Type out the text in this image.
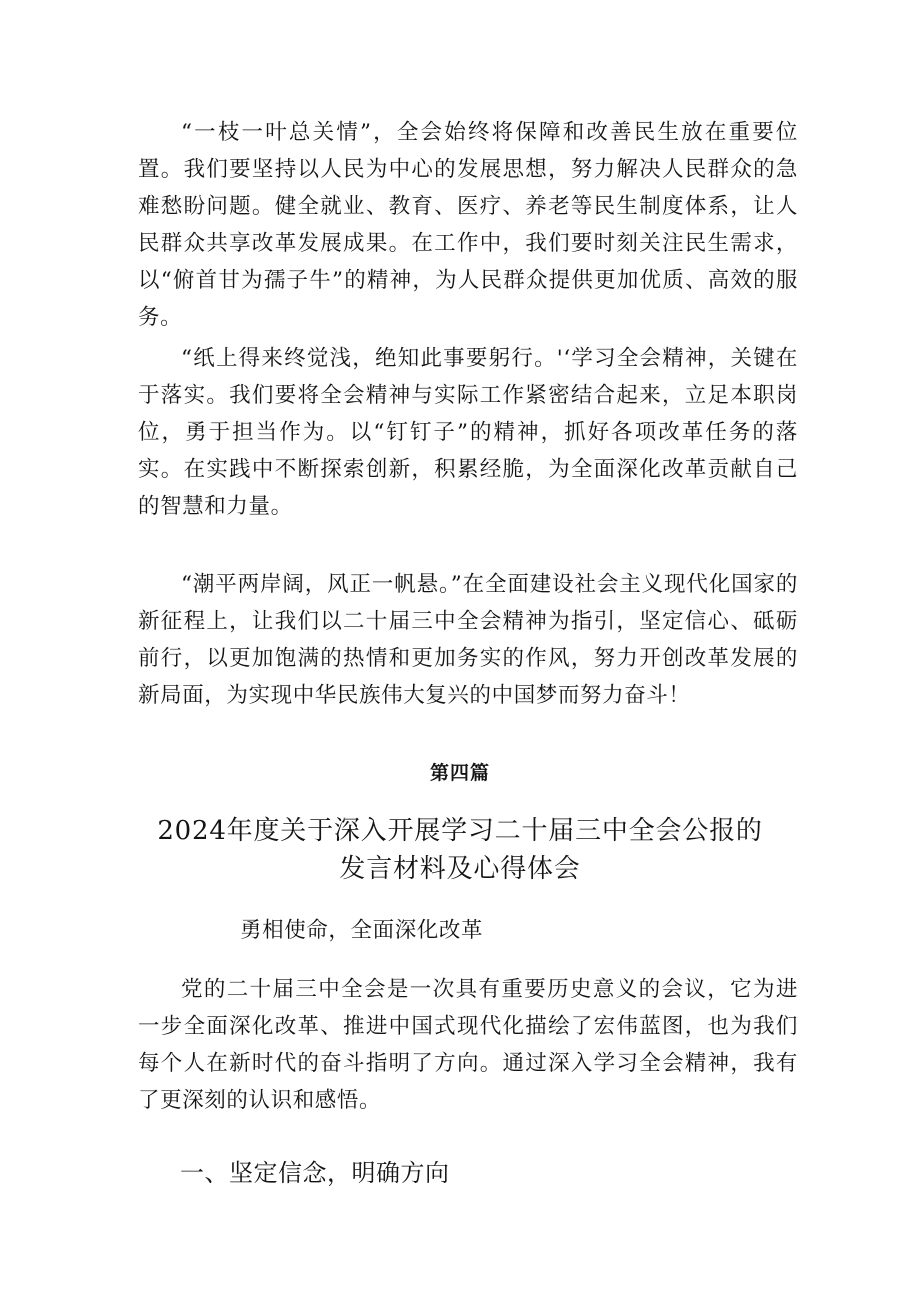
“一枝一叶总关情”，全会始终将保障和改善民生放在重要位置。我们要坚持以人民为中心的发展思想，努力解决人民群众的急难愁盼问题。健全就业、教育、医疗、养老等民生制度体系，让人民群众共享改革发展成果。在工作中，我们要时刻关注民生需求，以“俯首甘为孺子牛”的精神，为人民群众提供更加优质、高效的服务。

“纸上得来终觉浅，绝知此事要躬行。'‘学习全会精神，关键在于落实。我们要将全会精神与实际工作紧密结合起来，立足本职岗位，勇于担当作为。以“钉钉子”的精神，抓好各项改革任务的落实。在实践中不断探索创新，积累经脆，为全面深化改革贡献自己的智慧和力量。

“潮平两岸阔，风正一帆悬。”在全面建设社会主义现代化国家的新征程上，让我们以二十届三中全会精神为指引，坚定信心、砥砺前行，以更加饱满的热情和更加务实的作风，努力开创改革发展的新局面，为实现中华民族伟大复兴的中国梦而努力奋斗！

第四篇
2024年度关于深入开展学习二十届三中全会公报的
发言材料及心得体会

勇相使命，全面深化改革

党的二十届三中全会是一次具有重要历史意义的会议，它为进一步全面深化改革、推进中国式现代化描绘了宏伟蓝图，也为我们每个人在新时代的奋斗指明了方向。通过深入学习全会精神，我有了更深刻的认识和感悟。

一、坚定信念，明确方向
